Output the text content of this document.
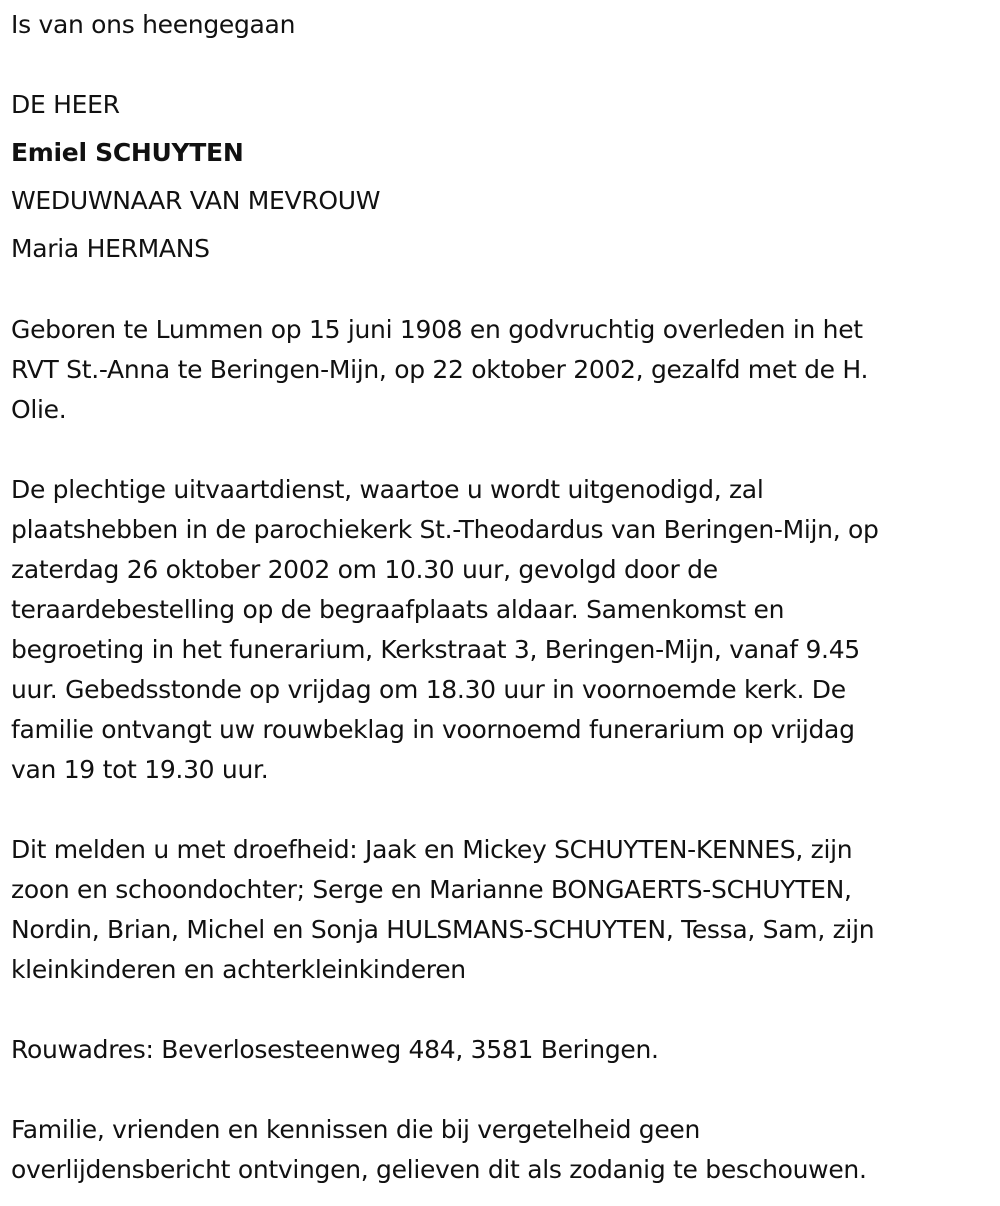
Is van ons heengegaan
DE HEER
Emiel SCHUYTEN
WEDUWNAAR VAN MEVROUW
Maria HERMANS
Geboren te Lummen op 15 juni 1908 en godvruchtig overleden in het
RVT St.-Anna te Beringen-Mijn, op 22 oktober 2002, gezalfd met de H.
Olie.
De plechtige uitvaartdienst, waartoe u wordt uitgenodigd, zal
plaatshebben in de parochiekerk St.-Theodardus van Beringen-Mijn, op
zaterdag 26 oktober 2002 om 10.30 uur, gevolgd door de
teraardebestelling op de begraafplaats aldaar. Samenkomst en
begroeting in het funerarium, Kerkstraat 3, Beringen-Mijn, vanaf 9.45
uur. Gebedsstonde op vrijdag om 18.30 uur in voornoemde kerk. De
familie ontvangt uw rouwbeklag in voornoemd funerarium op vrijdag
van 19 tot 19.30 uur.
Dit melden u met droefheid: Jaak en Mickey SCHUYTEN-KENNES, zijn
zoon en schoondochter; Serge en Marianne BONGAERTS-SCHUYTEN,
Nordin, Brian, Michel en Sonja HULSMANS-SCHUYTEN, Tessa, Sam, zijn
kleinkinderen en achterkleinkinderen
Rouwadres: Beverlosesteenweg 484, 3581 Beringen.
Familie, vrienden en kennissen die bij vergetelheid geen
overlijdensbericht ontvingen, gelieven dit als zodanig te beschouwen.
